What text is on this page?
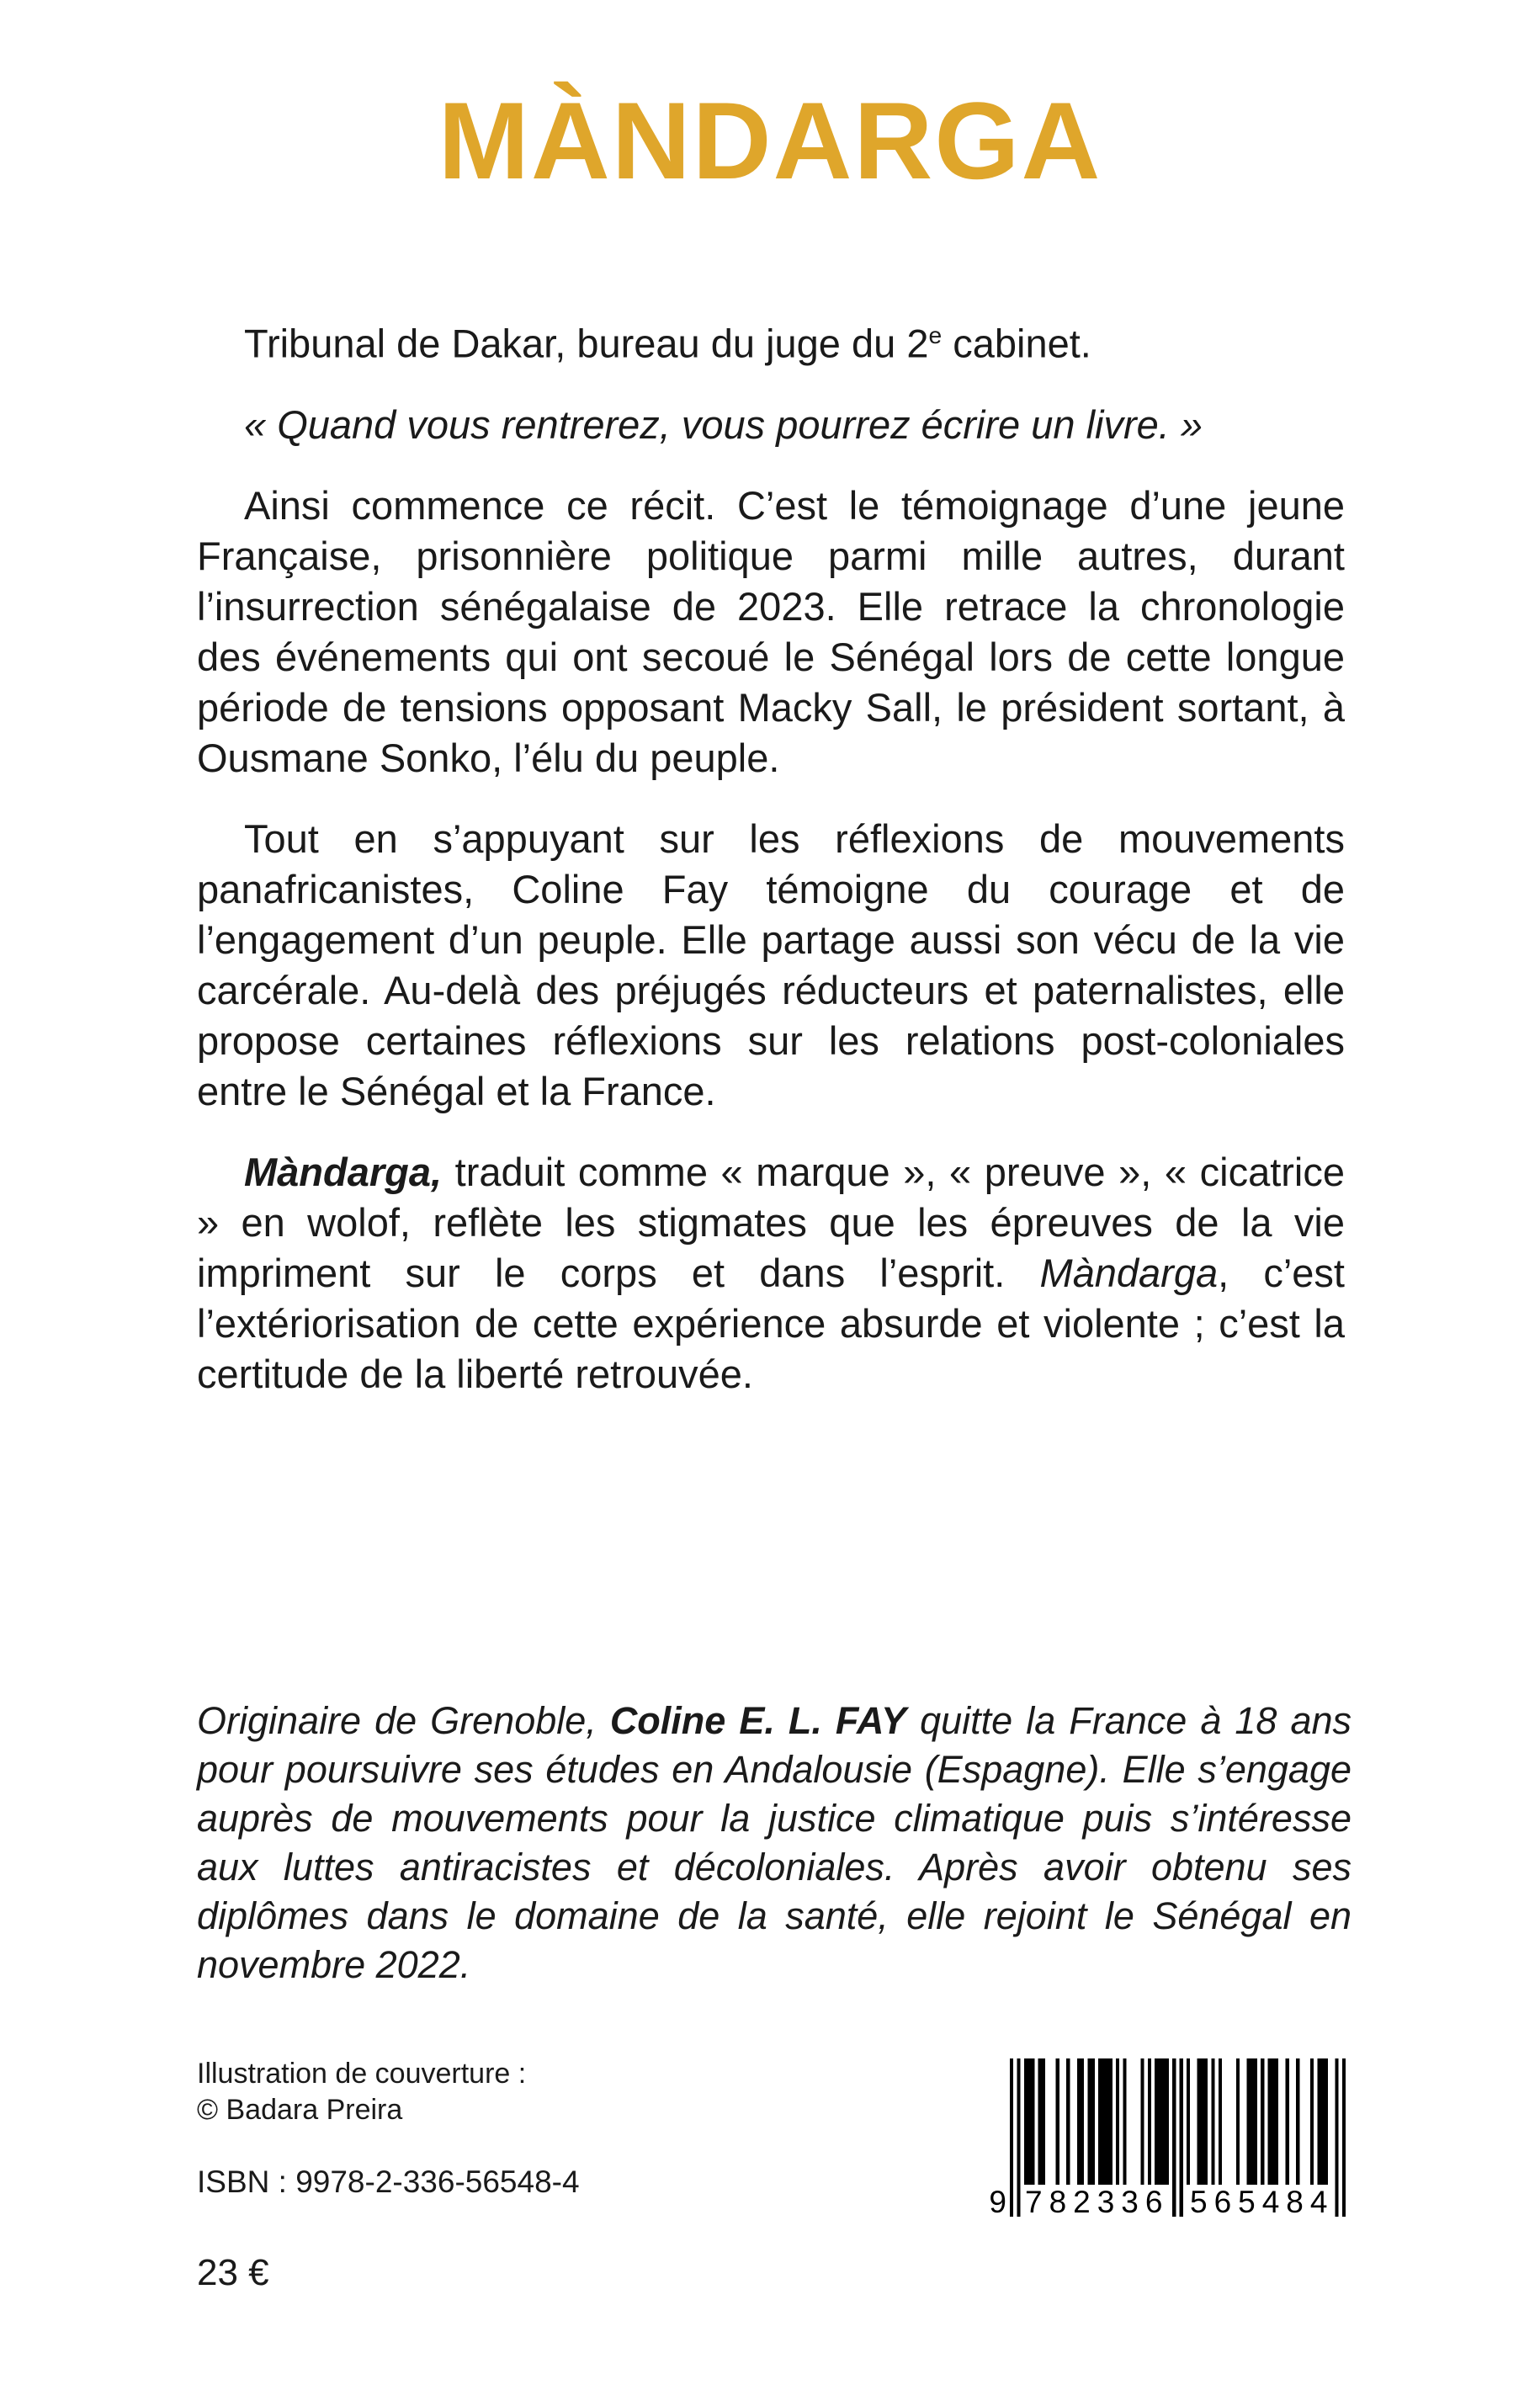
MÀNDARGA

Tribunal de Dakar, bureau du juge du 2e cabinet.

« Quand vous rentrerez, vous pourrez écrire un livre. »

Ainsi commence ce récit. C’est le témoignage d’une jeune Française, prisonnière politique parmi mille autres, durant l’insurrection sénégalaise de 2023. Elle retrace la chronologie des événements qui ont secoué le Sénégal lors de cette longue période de tensions opposant Macky Sall, le président sortant, à Ousmane Sonko, l’élu du peuple.

Tout en s’appuyant sur les réflexions de mouvements panafricanistes, Coline Fay témoigne du courage et de l’engagement d’un peuple. Elle partage aussi son vécu de la vie carcérale. Au-delà des préjugés réducteurs et paternalistes, elle propose certaines réflexions sur les relations post-coloniales entre le Sénégal et la France.

Màndarga, traduit comme « marque », « preuve », « cicatrice » en wolof, reflète les stigmates que les épreuves de la vie impriment sur le corps et dans l’esprit. Màndarga, c’est l’extériorisation de cette expérience absurde et violente ; c’est la certitude de la liberté retrouvée.

Originaire de Grenoble, Coline E. L. FAY quitte la France à 18 ans pour poursuivre ses études en Andalousie (Espagne). Elle s’engage auprès de mouvements pour la justice climatique puis s’intéresse aux luttes antiracistes et décoloniales. Après avoir obtenu ses diplômes dans le domaine de la santé, elle rejoint le Sénégal en novembre 2022.

Illustration de couverture :
© Badara Preira
ISBN : 9978-2-336-56548-4
23 €
9 782336 565484
